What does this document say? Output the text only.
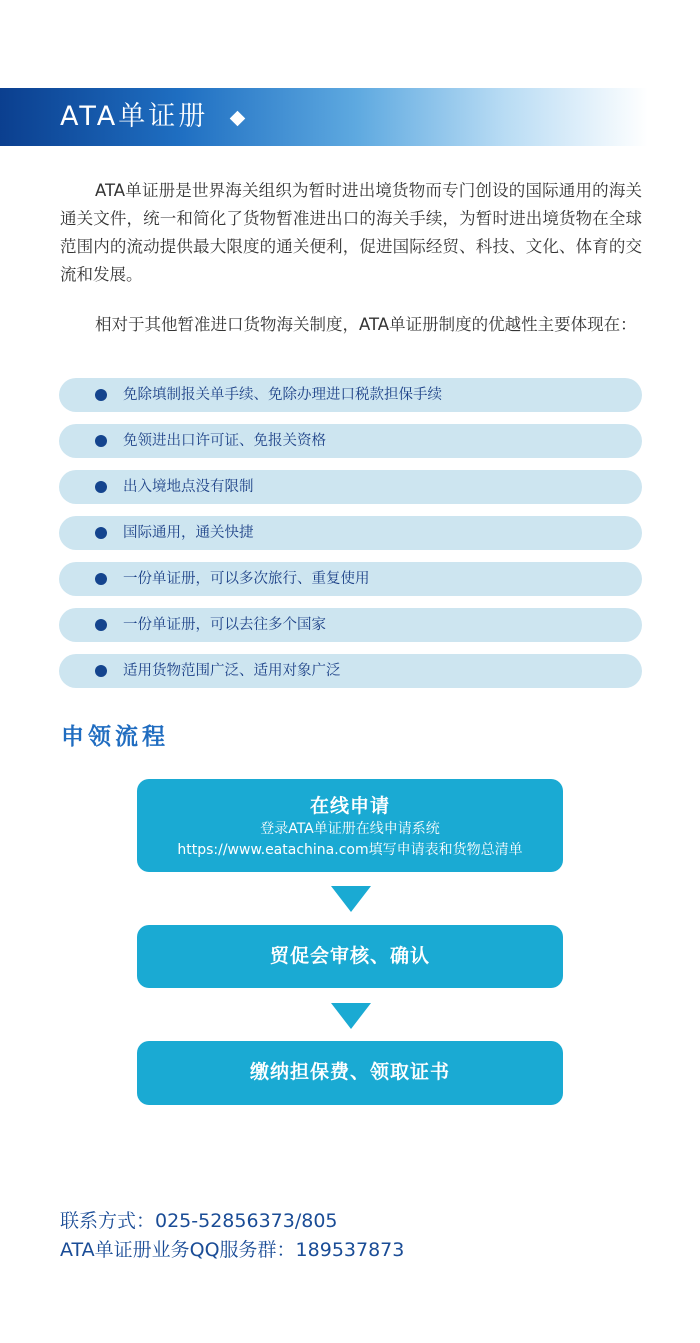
ATA单证册

ATA单证册是世界海关组织为暂时进出境货物而专门创设的国际通用的海关通关文件，统一和简化了货物暂准进出口的海关手续，为暂时进出境货物在全球范围内的流动提供最大限度的通关便利，促进国际经贸、科技、文化、体育的交流和发展。

相对于其他暂准进口货物海关制度，ATA单证册制度的优越性主要体现在：

免除填制报关单手续、免除办理进口税款担保手续
免领进出口许可证、免报关资格
出入境地点没有限制
国际通用，通关快捷
一份单证册，可以多次旅行、重复使用
一份单证册，可以去往多个国家
适用货物范围广泛、适用对象广泛
申领流程
在线申请
登录ATA单证册在线申请系统
https://www.eatachina.com填写申请表和货物总清单
贸促会审核、确认
缴纳担保费、领取证书
联系方式：025-52856373/805
ATA单证册业务QQ服务群：189537873
